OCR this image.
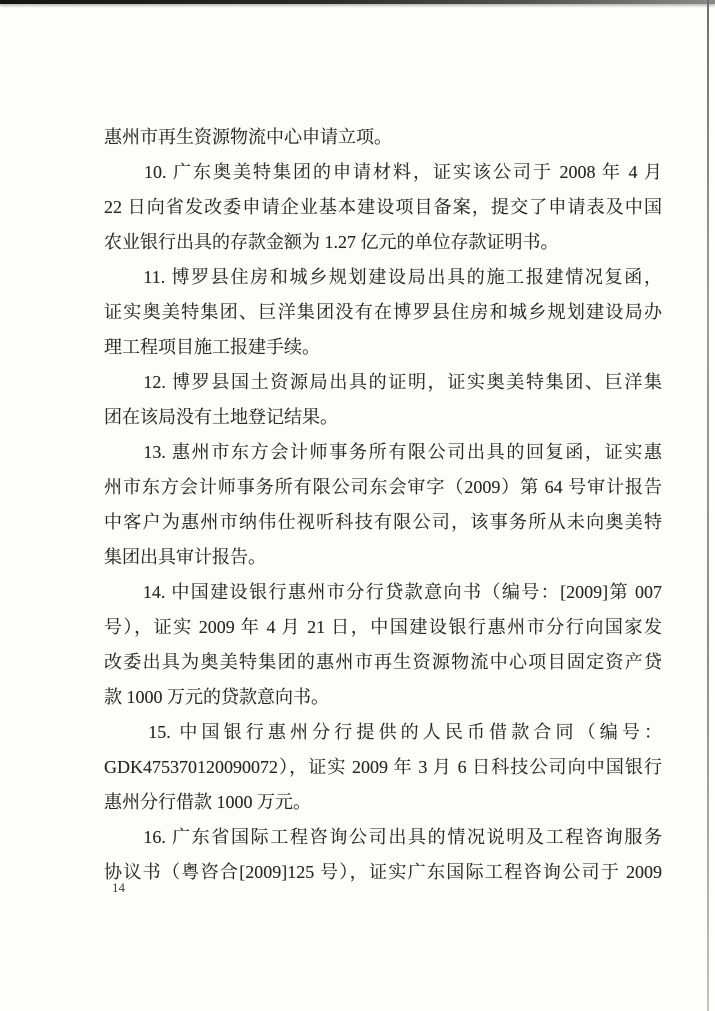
惠州市再生资源物流中心申请立项。
　　10. 广东奥美特集团的申请材料，证实该公司于 2008 年 4 月
22 日向省发改委申请企业基本建设项目备案，提交了申请表及中国
农业银行出具的存款金额为 1.27 亿元的单位存款证明书。
　　11. 博罗县住房和城乡规划建设局出具的施工报建情况复函，
证实奥美特集团、巨洋集团没有在博罗县住房和城乡规划建设局办
理工程项目施工报建手续。
　　12. 博罗县国土资源局出具的证明，证实奥美特集团、巨洋集
团在该局没有土地登记结果。
　　13. 惠州市东方会计师事务所有限公司出具的回复函，证实惠
州市东方会计师事务所有限公司东会审字（2009）第 64 号审计报告
中客户为惠州市纳伟仕视听科技有限公司，该事务所从未向奥美特
集团出具审计报告。
　　14. 中国建设银行惠州市分行贷款意向书（编号：[2009]第 007
号），证实 2009 年 4 月 21 日，中国建设银行惠州市分行向国家发
改委出具为奥美特集团的惠州市再生资源物流中心项目固定资产贷
款 1000 万元的贷款意向书。
　　15. 中国银行惠州分行提供的人民币借款合同（编号：
GDK475370120090072），证实 2009 年 3 月 6 日科技公司向中国银行
惠州分行借款 1000 万元。
　　16. 广东省国际工程咨询公司出具的情况说明及工程咨询服务
协议书（粤咨合[2009]125 号），证实广东国际工程咨询公司于 2009
14
